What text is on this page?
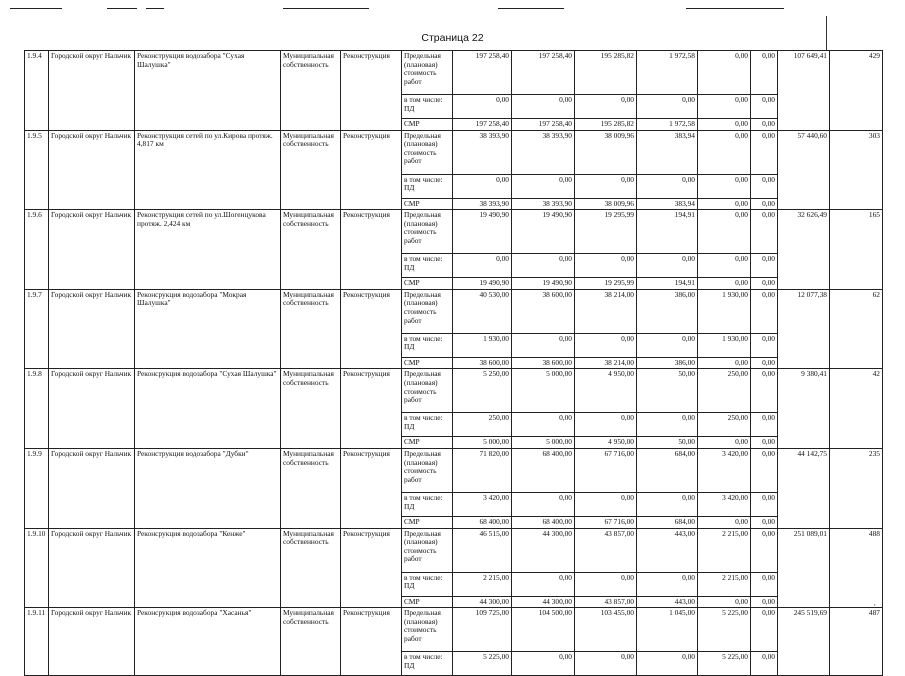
Страница 22
1.9.4	Городской округ Нальчик	Реконструкция водозабора "Сухая Шалушка"	Муниципальная собственность	Реконструкция	Предельная (плановая) стоимость работ	197 258,40	197 258,40	195 285,82	1 972,58	0,00	0,00	107 649,41	429
					в том числе: ПД	0,00	0,00	0,00	0,00	0,00	0,00		
					СМР	197 258,40	197 258,40	195 285,82	1 972,58	0,00	0,00		
1.9.5	Городской округ Нальчик	Реконструкция сетей по ул.Кирова протяж. 4,817 км	Муниципальная собственность	Реконструкция	Предельная (плановая) стоимость работ	38 393,90	38 393,90	38 009,96	383,94	0,00	0,00	57 440,60	303
					в том числе: ПД	0,00	0,00	0,00	0,00	0,00	0,00		
					СМР	38 393,90	38 393,90	38 009,96	383,94	0,00	0,00		
1.9.6	Городской округ Нальчик	Реконструкция сетей по ул.Шогенцукова протяж. 2,424 км	Муниципальная собственность	Реконструкция	Предельная (плановая) стоимость работ	19 490,90	19 490,90	19 295,99	194,91	0,00	0,00	32 626,49	165
					в том числе: ПД	0,00	0,00	0,00	0,00	0,00	0,00		
					СМР	19 490,90	19 490,90	19 295,99	194,91	0,00	0,00		
1.9.7	Городской округ Нальчик	Реконсрукция водозабора "Мокрая Шалушка"	Муниципальная собственность	Реконструкция	Предельная (плановая) стоимость работ	40 530,00	38 600,00	38 214,00	386,00	1 930,00	0,00	12 077,38	62
					в том числе: ПД	1 930,00	0,00	0,00	0,00	1 930,00	0,00		
					СМР	38 600,00	38 600,00	38 214,00	386,00	0,00	0,00		
1.9.8	Городской округ Нальчик	Реконсрукция водозабора "Сухая Шалушка"	Муниципальная собственность	Реконструкция	Предельная (плановая) стоимость работ	5 250,00	5 000,00	4 950,00	50,00	250,00	0,00	9 380,41	42
					в том числе: ПД	250,00	0,00	0,00	0,00	250,00	0,00		
					СМР	5 000,00	5 000,00	4 950,00	50,00	0,00	0,00		
1.9.9	Городской округ Нальчик	Реконструкция водозабора "Дубки"	Муниципальная собственность	Реконструкция	Предельная (плановая) стоимость работ	71 820,00	68 400,00	67 716,00	684,00	3 420,00	0,00	44 142,75	235
					в том числе: ПД	3 420,00	0,00	0,00	0,00	3 420,00	0,00		
					СМР	68 400,00	68 400,00	67 716,00	684,00	0,00	0,00		
1.9.10	Городской округ Нальчик	Реконсрукция водозабора "Кенже"	Муниципальная собственность	Реконструкция	Предельная (плановая) стоимость работ	46 515,00	44 300,00	43 857,00	443,00	2 215,00	0,00	251 089,01	488
					в том числе: ПД	2 215,00	0,00	0,00	0,00	2 215,00	0,00		
					СМР	44 300,00	44 300,00	43 857,00	443,00	0,00	0,00		
1.9.11	Городской округ Нальчик	Реконсрукция водозабора "Хасанья"	Муниципальная собственность	Реконструкция	Предельная (плановая) стоимость работ	109 725,00	104 500,00	103 455,00	1 045,00	5 225,00	0,00	245 519,69	487
					в том числе: ПД	5 225,00	0,00	0,00	0,00	5 225,00	0,00		
· ·
